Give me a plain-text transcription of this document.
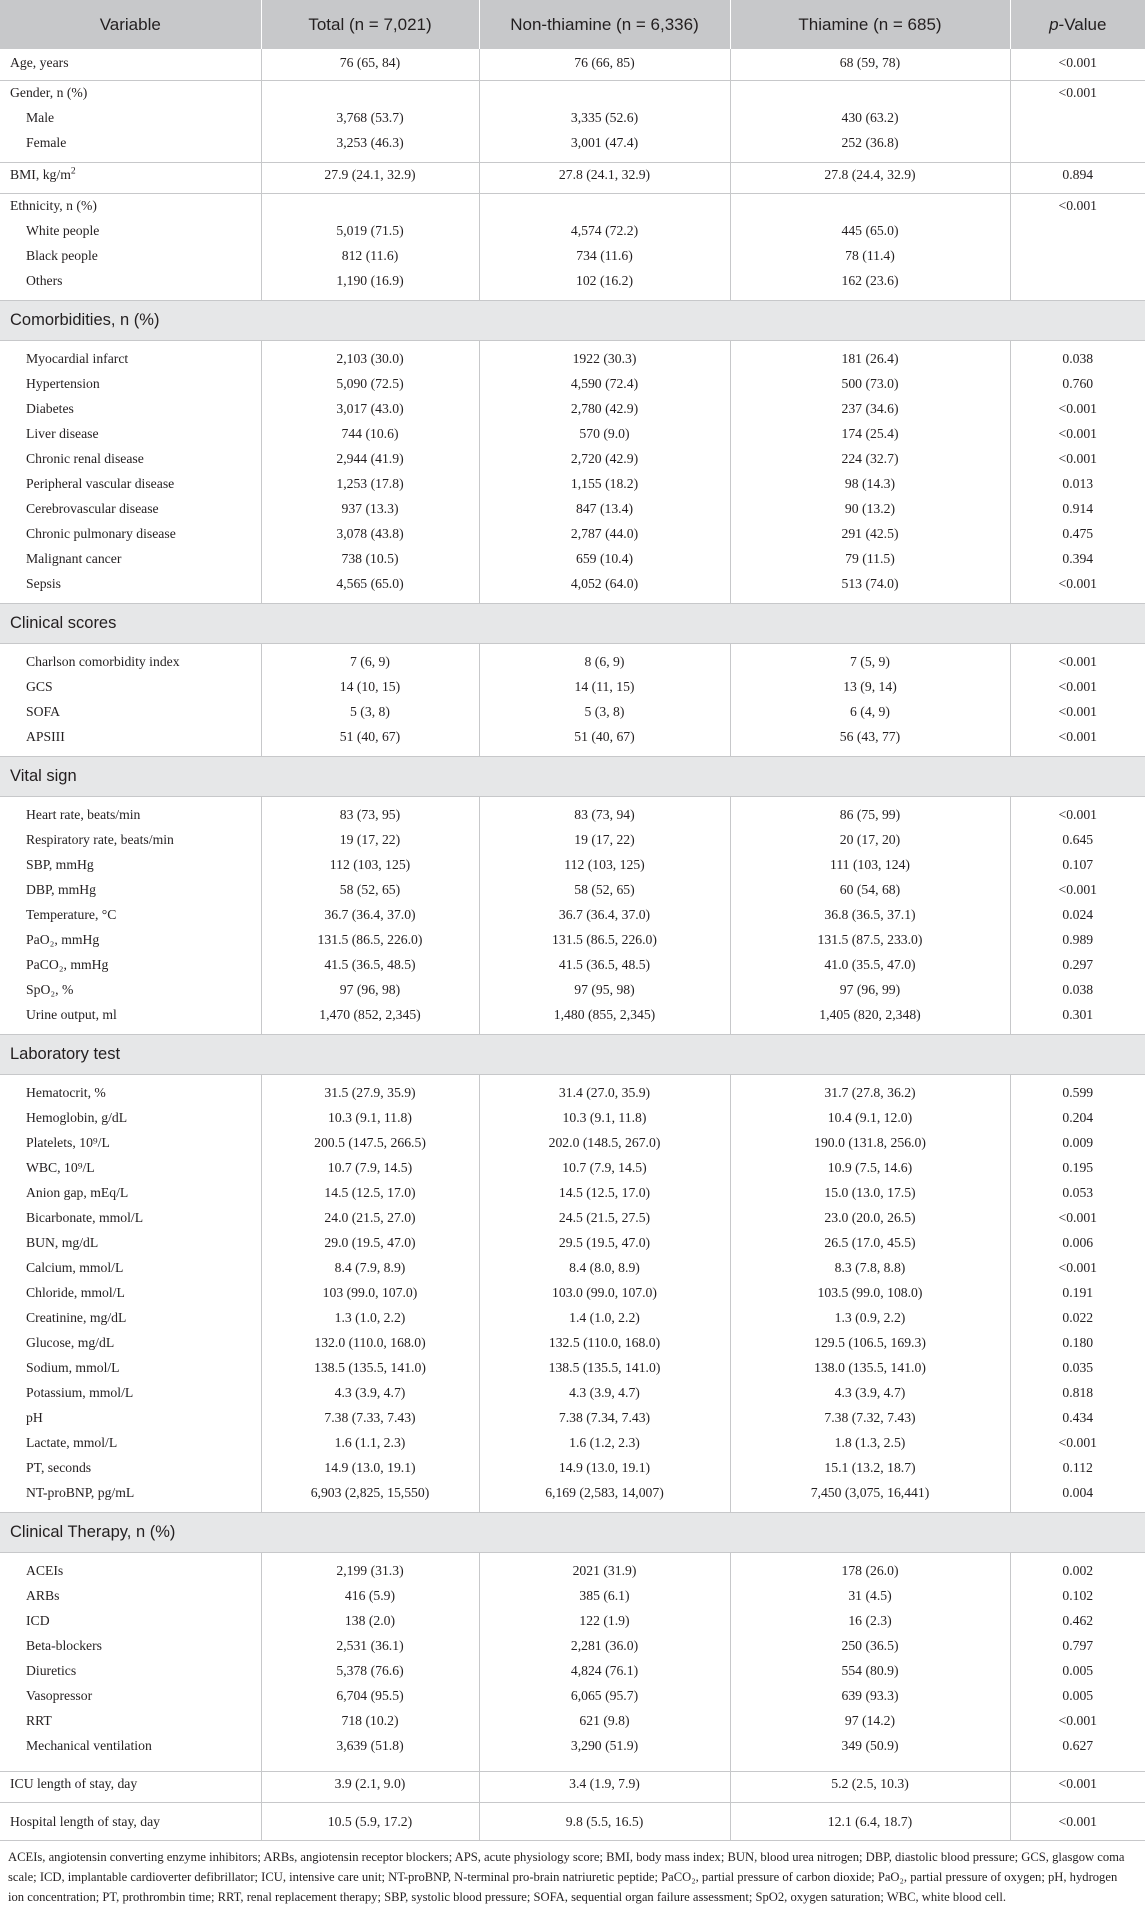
Variable	Total (n = 7,021)	Non-thiamine (n = 6,336)	Thiamine (n = 685)	p-Value
Age, years	76 (65, 84)	76 (66, 85)	68 (59, 78)	<0.001

Gender, n (%)				<0.001
Male	3,768 (53.7)	3,335 (52.6)	430 (63.2)	
Female	3,253 (46.3)	3,001 (47.4)	252 (36.8)	

BMI, $kg/m^2$	27.9 (24.1, 32.9)	27.8 (24.1, 32.9)	27.8 (24.4, 32.9)	0.894

Ethnicity, n (%)				<0.001
White people	5,019 (71.5)	4,574 (72.2)	445 (65.0)	
Black people	812 (11.6)	734 (11.6)	78 (11.4)	
Others	1,190 (16.9)	102 (16.2)	162 (23.6)	

Comorbidities, n (%)				

Myocardial infarct	2,103 (30.0)	1922 (30.3)	181 (26.4)	0.038
Hypertension	5,090 (72.5)	4,590 (72.4)	500 (73.0)	0.760
Diabetes	3,017 (43.0)	2,780 (42.9)	237 (34.6)	<0.001
Liver disease	744 (10.6)	570 (9.0)	174 (25.4)	<0.001
Chronic renal disease	2,944 (41.9)	2,720 (42.9)	224 (32.7)	<0.001
Peripheral vascular disease	1,253 (17.8)	1,155 (18.2)	98 (14.3)	0.013
Cerebrovascular disease	937 (13.3)	847 (13.4)	90 (13.2)	0.914
Chronic pulmonary disease	3,078 (43.8)	2,787 (44.0)	291 (42.5)	0.475
Malignant cancer	738 (10.5)	659 (10.4)	79 (11.5)	0.394
Sepsis	4,565 (65.0)	4,052 (64.0)	513 (74.0)	<0.001

Clinical scores				

Charlson comorbidity index	7 (6, 9)	8 (6, 9)	7 (5, 9)	<0.001
GCS	14 (10, 15)	14 (11, 15)	13 (9, 14)	<0.001
SOFA	5 (3, 8)	5 (3, 8)	6 (4, 9)	<0.001
APSIII	51 (40, 67)	51 (40, 67)	56 (43, 77)	<0.001

Vital sign				

Heart rate, beats/min	83 (73, 95)	83 (73, 94)	86 (75, 99)	<0.001
Respiratory rate, beats/min	19 (17, 22)	19 (17, 22)	20 (17, 20)	0.645
SBP, mmHg	112 (103, 125)	112 (103, 125)	111 (103, 124)	0.107
DBP, mmHg	58 (52, 65)	58 (52, 65)	60 (54, 68)	<0.001
Temperature, °C	36.7 (36.4, 37.0)	36.7 (36.4, 37.0)	36.8 (36.5, 37.1)	0.024
PaO₂, mmHg	131.5 (86.5, 226.0)	131.5 (86.5, 226.0)	131.5 (87.5, 233.0)	0.989
PaCO₂, mmHg	41.5 (36.5, 48.5)	41.5 (36.5, 48.5)	41.0 (35.5, 47.0)	0.297
SpO₂, %	97 (96, 98)	97 (95, 98)	97 (96, 99)	0.038
Urine output, ml	1,470 (852, 2,345)	1,480 (855, 2,345)	1,405 (820, 2,348)	0.301

Laboratory test				

Hematocrit, %	31.5 (27.9, 35.9)	31.4 (27.0, 35.9)	31.7 (27.8, 36.2)	0.599
Hemoglobin, g/dL	10.3 (9.1, 11.8)	10.3 (9.1, 11.8)	10.4 (9.1, 12.0)	0.204
Platelets, 10⁹/L	200.5 (147.5, 266.5)	202.0 (148.5, 267.0)	190.0 (131.8, 256.0)	0.009
WBC, 10⁹/L	10.7 (7.9, 14.5)	10.7 (7.9, 14.5)	10.9 (7.5, 14.6)	0.195
Anion gap, mEq/L	14.5 (12.5, 17.0)	14.5 (12.5, 17.0)	15.0 (13.0, 17.5)	0.053
Bicarbonate, mmol/L	24.0 (21.5, 27.0)	24.5 (21.5, 27.5)	23.0 (20.0, 26.5)	<0.001
BUN, mg/dL	29.0 (19.5, 47.0)	29.5 (19.5, 47.0)	26.5 (17.0, 45.5)	0.006
Calcium, mmol/L	8.4 (7.9, 8.9)	8.4 (8.0, 8.9)	8.3 (7.8, 8.8)	<0.001
Chloride, mmol/L	103 (99.0, 107.0)	103.0 (99.0, 107.0)	103.5 (99.0, 108.0)	0.191
Creatinine, mg/dL	1.3 (1.0, 2.2)	1.4 (1.0, 2.2)	1.3 (0.9, 2.2)	0.022
Glucose, mg/dL	132.0 (110.0, 168.0)	132.5 (110.0, 168.0)	129.5 (106.5, 169.3)	0.180
Sodium, mmol/L	138.5 (135.5, 141.0)	138.5 (135.5, 141.0)	138.0 (135.5, 141.0)	0.035
Potassium, mmol/L	4.3 (3.9, 4.7)	4.3 (3.9, 4.7)	4.3 (3.9, 4.7)	0.818
pH	7.38 (7.33, 7.43)	7.38 (7.34, 7.43)	7.38 (7.32, 7.43)	0.434
Lactate, mmol/L	1.6 (1.1, 2.3)	1.6 (1.2, 2.3)	1.8 (1.3, 2.5)	<0.001
PT, seconds	14.9 (13.0, 19.1)	14.9 (13.0, 19.1)	15.1 (13.2, 18.7)	0.112
NT-proBNP, pg/mL	6,903 (2,825, 15,550)	6,169 (2,583, 14,007)	7,450 (3,075, 16,441)	0.004

Clinical Therapy, n (%)				

ACEIs	2,199 (31.3)	2021 (31.9)	178 (26.0)	0.002
ARBs	416 (5.9)	385 (6.1)	31 (4.5)	0.102
ICD	138 (2.0)	122 (1.9)	16 (2.3)	0.462
Beta-blockers	2,531 (36.1)	2,281 (36.0)	250 (36.5)	0.797
Diuretics	5,378 (76.6)	4,824 (76.1)	554 (80.9)	0.005
Vasopressor	6,704 (95.5)	6,065 (95.7)	639 (93.3)	0.005
RRT	718 (10.2)	621 (9.8)	97 (14.2)	<0.001
Mechanical ventilation	3,639 (51.8)	3,290 (51.9)	349 (50.9)	0.627

ICU length of stay, day	3.9 (2.1, 9.0)	3.4 (1.9, 7.9)	5.2 (2.5, 10.3)	<0.001

Hospital length of stay, day	10.5 (5.9, 17.2)	9.8 (5.5, 16.5)	12.1 (6.4, 18.7)	<0.001

ACEIs, angiotensin converting enzyme inhibitors; ARBs, angiotensin receptor blockers; APS, acute physiology score; BMI, body mass index; BUN, blood urea nitrogen; DBP, diastolic blood pressure; GCS, glasgow coma scale; ICD, implantable cardioverter defibrillator; ICU, intensive care unit; NT-proBNP, N-terminal pro-brain natriuretic peptide; PaCO₂, partial pressure of carbon dioxide; PaO₂, partial pressure of oxygen; pH, hydrogen ion concentration; PT, prothrombin time; RRT, renal replacement therapy; SBP, systolic blood pressure; SOFA, sequential organ failure assessment; SpO2, oxygen saturation; WBC, white blood cell.
